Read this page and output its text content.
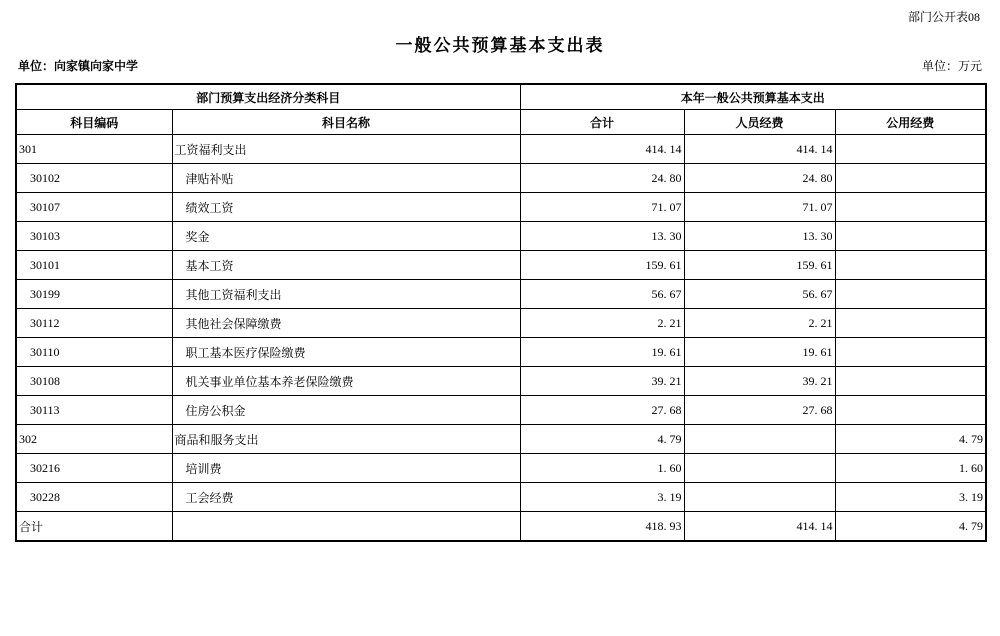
部门公开表08
一般公共预算基本支出表
单位：向家镇向家中学	单位：万元
部门预算支出经济分类科目		本年一般公共预算基本支出		
科目编码	科目名称	合计	人员经费	公用经费
301	工资福利支出	414. 14	414. 14	
30102	津贴补贴	24. 80	24. 80	
30107	绩效工资	71. 07	71. 07	
30103	奖金	13. 30	13. 30	
30101	基本工资	159. 61	159. 61	
30199	其他工资福利支出	56. 67	56. 67	
30112	其他社会保障缴费	2. 21	2. 21	
30110	职工基本医疗保险缴费	19. 61	19. 61	
30108	机关事业单位基本养老保险缴费	39. 21	39. 21	
30113	住房公积金	27. 68	27. 68	
302	商品和服务支出	4. 79		4. 79
30216	培训费	1. 60		1. 60
30228	工会经费	3. 19		3. 19
合计		418. 93	414. 14	4. 79
